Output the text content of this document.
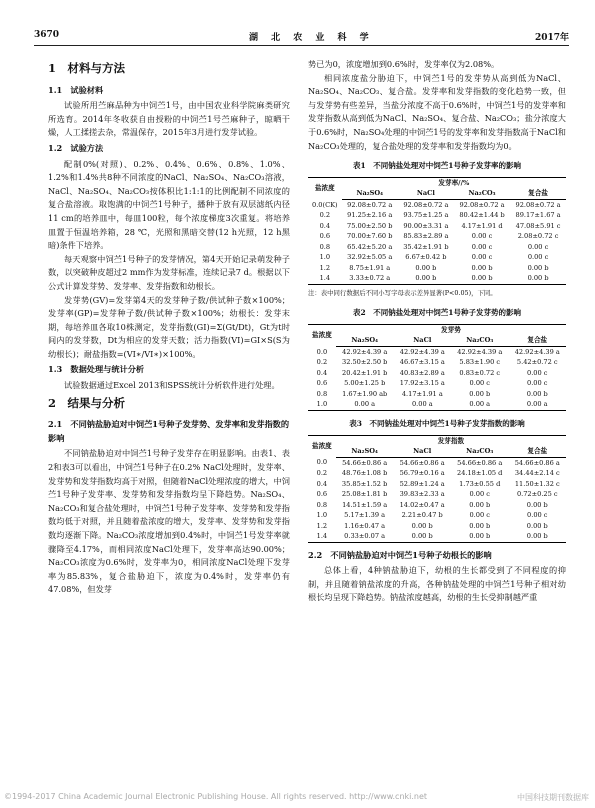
3670	湖 北 农 业 科 学	2017年
1　材料与方法
1.1　试验材料

试验所用苎麻品种为中饲苎1号，由中国农业科学院麻类研究所选育。2014年冬收获自由授粉的中饲苎1号苎麻种子，晾晒干燥，人工揉搓去杂，常温保存，2015年3月进行发芽试验。

1.2　试验方法

配制0%(对照)、0.2%、0.4%、0.6%、0.8%、1.0%、1.2%和1.4%共8种不同浓度的NaCl、Na₂SO₄、Na₂CO₃溶液，NaCl、Na₂SO₄、Na₂CO₃按体积比1:1:1的比例配制不同浓度的复合盐溶液。取饱满的中饲苎1号种子，播种于放有双层滤纸内径11 cm的培养皿中，每皿100粒，每个浓度梯度3次重复。将培养皿置于恒温培养箱，28 ℃，光照和黑暗交替(12 h光照，12 h黑暗)条件下培养。

每天观察中饲苎1号种子的发芽情况，第4天开始记录萌发种子数，以突破种皮超过2 mm作为发芽标准，连续记录7 d。根据以下公式计算发芽势、发芽率、发芽指数和幼根长。

发芽势(GV)=发芽第4天的发芽种子数/供试种子数×100%；发芽率(GP)=发芽种子数/供试种子数×100%；幼根长：发芽末期，每培养皿各取10株测定，发芽指数(GI)=Σ(Gt/Dt)，Gt为t时间内的发芽数，Dt为相应的发芽天数；活力指数(VI)=GI×S(S为幼根长)；耐盐指数=(VI∗/VI∗)×100%。

1.3　数据处理与统计分析

试验数据通过Excel 2013和SPSS统计分析软件进行处理。

2　结果与分析
2.1　不同钠盐胁迫对中饲苎1号种子发芽势、发芽率和发芽指数的影响

不同钠盐胁迫对中饲苎1号种子发芽存在明显影响。由表1、表2和表3可以看出，中饲苎1号种子在0.2% NaCl处理时，发芽率、发芽势和发芽指数均高于对照，但随着NaCl处理浓度的增大，中饲苎1号种子发芽率、发芽势和发芽指数均呈下降趋势。Na₂SO₄、Na₂CO₃和复合盐处理时，中饲苎1号种子发芽率、发芽势和发芽指数均低于对照，并且随着盐浓度的增大，发芽率、发芽势和发芽指数均逐渐下降。Na₂CO₃浓度增加到0.4%时，中饲苎1号发芽率就骤降至4.17%，而相同浓度NaCl处理下，发芽率高达90.00%；Na₂CO₃浓度为0.6%时，发芽率为0，相同浓度NaCl处理下发芽率为85.83%，复合盐胁迫下，浓度为0.4%时，发芽率仍有47.08%，但发芽

势已为0，浓度增加到0.6%时，发芽率仅为2.08%。

相同浓度盐分胁迫下，中饲苎1号的发芽势从高到低为NaCl、Na₂SO₄、Na₂CO₃、复合盐。发芽率和发芽指数的变化趋势一致，但与发芽势有些差异，当盐分浓度不高于0.6%时，中饲苎1号的发芽率和发芽指数从高到低为NaCl、Na₂SO₄、复合盐、Na₂CO₃；盐分浓度大于0.6%时，Na₂SO₄处理的中饲苎1号的发芽率和发芽指数高于NaCl和Na₂CO₃处理的，复合盐处理的发芽率和发芽指数均为0。

表1　不同钠盐处理对中饲苎1号种子发芽率的影响
盐浓度	发芽率//%			
	Na₂SO₄	NaCl	Na₂CO₃	复合盐
0.0(CK)	92.08±0.72 a	92.08±0.72 a	92.08±0.72 a	92.08±0.72 a
0.2	91.25±2.16 a	93.75±1.25 a	80.42±1.44 b	89.17±1.67 a
0.4	75.00±2.50 b	90.00±3.31 a	4.17±1.91 d	47.08±5.91 c
0.6	70.00±7.60 b	85.83±2.89 a	0.00 c	2.08±0.72 c
0.8	65.42±5.20 a	35.42±1.91 b	0.00 c	0.00 c
1.0	32.92±5.05 a	6.67±0.42 b	0.00 c	0.00 c
1.2	8.75±1.91 a	0.00 b	0.00 b	0.00 b
1.4	3.33±0.72 a	0.00 b	0.00 b	0.00 b
注：表中同行数据后不同小写字母表示差异显著(P<0.05)，下同。
表2　不同钠盐处理对中饲苎1号种子发芽势的影响
盐浓度	发芽势			
	Na₂SO₄	NaCl	Na₂CO₃	复合盐
0.0	42.92±4.39 a	42.92±4.39 a	42.92±4.39 a	42.92±4.39 a
0.2	32.50±2.50 b	46.67±3.15 a	5.83±1.90 c	5.42±0.72 c
0.4	20.42±1.91 b	40.83±2.89 a	0.83±0.72 c	0.00 c
0.6	5.00±1.25 b	17.92±3.15 a	0.00 c	0.00 c
0.8	1.67±1.90 ab	4.17±1.91 a	0.00 b	0.00 b
1.0	0.00 a	0.00 a	0.00 a	0.00 a
表3　不同钠盐处理对中饲苎1号种子发芽指数的影响
盐浓度	发芽指数			
	Na₂SO₄	NaCl	Na₂CO₃	复合盐
0.0	54.66±0.86 a	54.66±0.86 a	54.66±0.86 a	54.66±0.86 a
0.2	48.76±1.08 b	56.79±0.16 a	24.18±1.05 d	34.44±2.14 c
0.4	35.85±1.52 b	52.89±1.24 a	1.73±0.55 d	11.50±1.32 c
0.6	25.08±1.81 b	39.83±2.33 a	0.00 c	0.72±0.25 c
0.8	14.51±1.59 a	14.02±0.47 a	0.00 b	0.00 b
1.0	5.17±1.39 a	2.21±0.47 b	0.00 c	0.00 c
1.2	1.16±0.47 a	0.00 b	0.00 b	0.00 b
1.4	0.33±0.07 a	0.00 b	0.00 b	0.00 b
2.2　不同钠盐胁迫对中饲苎1号种子幼根长的影响

总体上看，4种钠盐胁迫下，幼根的生长都受到了不同程度的抑制，并且随着钠盐浓度的升高，各种钠盐处理的中饲苎1号种子相对幼根长均呈现下降趋势。钠盐浓度越高，幼根的生长受抑制越严重

©1994-2017 China Academic Journal Electronic Publishing House. All rights reserved. http://www.cnki.net	中国科技期刊数据库
